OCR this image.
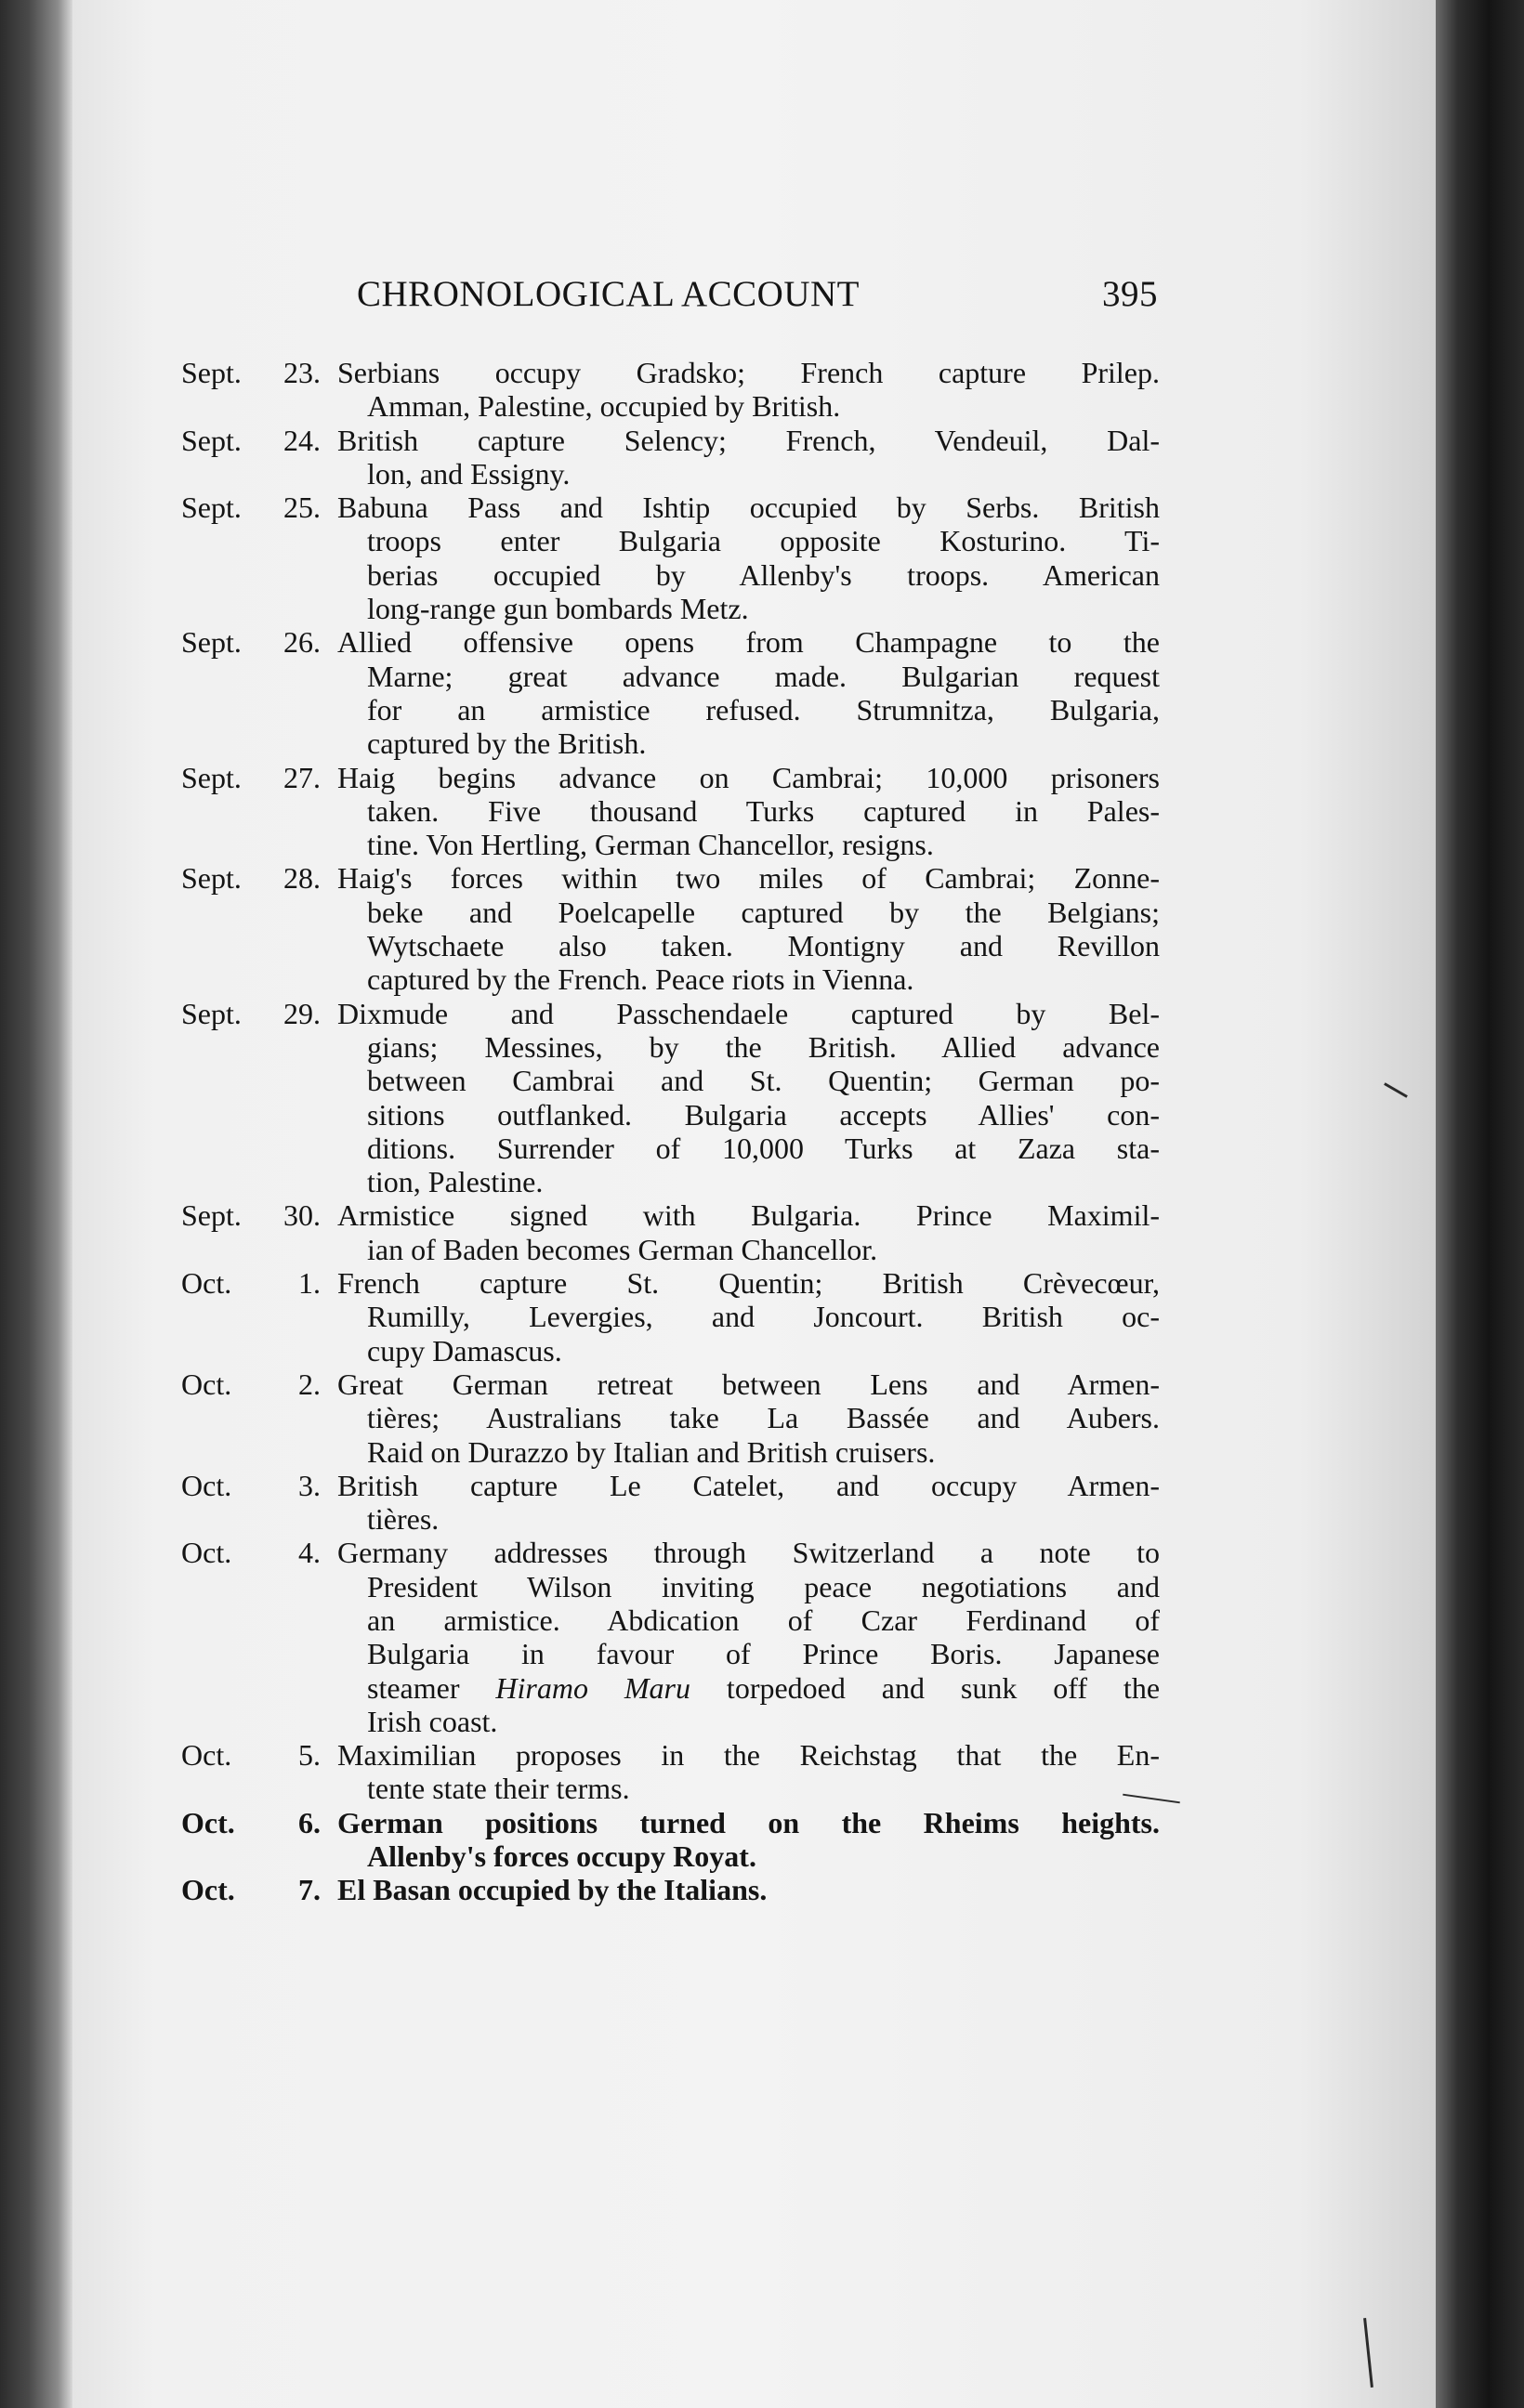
CHRONOLOGICAL ACCOUNT	395
Sept. 23. Serbians occupy Gradsko; French capture Prilep.
Amman, Palestine, occupied by British.
Sept. 24. British capture Selency; French, Vendeuil, Dal-
lon, and Essigny.
Sept. 25. Babuna Pass and Ishtip occupied by Serbs. British
troops enter Bulgaria opposite Kosturino. Ti-
berias occupied by Allenby's troops. American
long-range gun bombards Metz.
Sept. 26. Allied offensive opens from Champagne to the
Marne; great advance made. Bulgarian request
for an armistice refused. Strumnitza, Bulgaria,
captured by the British.
Sept. 27. Haig begins advance on Cambrai; 10,000 prisoners
taken. Five thousand Turks captured in Pales-
tine. Von Hertling, German Chancellor, resigns.
Sept. 28. Haig's forces within two miles of Cambrai; Zonne-
beke and Poelcapelle captured by the Belgians;
Wytschaete also taken. Montigny and Revillon
captured by the French. Peace riots in Vienna.
Sept. 29. Dixmude and Passchendaele captured by Bel-
gians; Messines, by the British. Allied advance
between Cambrai and St. Quentin; German po-
sitions outflanked. Bulgaria accepts Allies' con-
ditions. Surrender of 10,000 Turks at Zaza sta-
tion, Palestine.
Sept. 30. Armistice signed with Bulgaria. Prince Maximil-
ian of Baden becomes German Chancellor.
Oct. 1. French capture St. Quentin; British Crèvecœur,
Rumilly, Levergies, and Joncourt. British oc-
cupy Damascus.
Oct. 2. Great German retreat between Lens and Armen-
tières; Australians take La Bassée and Aubers.
Raid on Durazzo by Italian and British cruisers.
Oct. 3. British capture Le Catelet, and occupy Armen-
tières.
Oct. 4. Germany addresses through Switzerland a note to
President Wilson inviting peace negotiations and
an armistice. Abdication of Czar Ferdinand of
Bulgaria in favour of Prince Boris. Japanese
steamer Hiramo Maru torpedoed and sunk off the
Irish coast.
Oct. 5. Maximilian proposes in the Reichstag that the En-
tente state their terms.
Oct. 6. German positions turned on the Rheims heights.
Allenby's forces occupy Royat.
Oct. 7. El Basan occupied by the Italians.
